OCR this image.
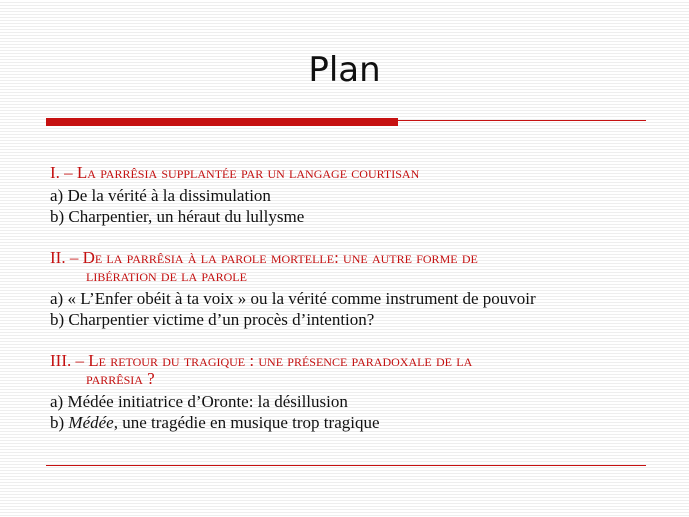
Plan

I. – La parrêsia supplantée par un langage courtisan

a) De la vérité à la dissimulation

b) Charpentier, un héraut du lullysme

II. – De la parrêsia à la parole mortelle: une autre forme de
libération de la parole

a) « L’Enfer obéit à ta voix » ou la vérité comme instrument de pouvoir

b) Charpentier victime d’un procès d’intention?

III. – Le retour du tragique : une présence paradoxale de la
parrêsia ?

a) Médée initiatrice d’Oronte: la désillusion

b) Médée, une tragédie en musique trop tragique
